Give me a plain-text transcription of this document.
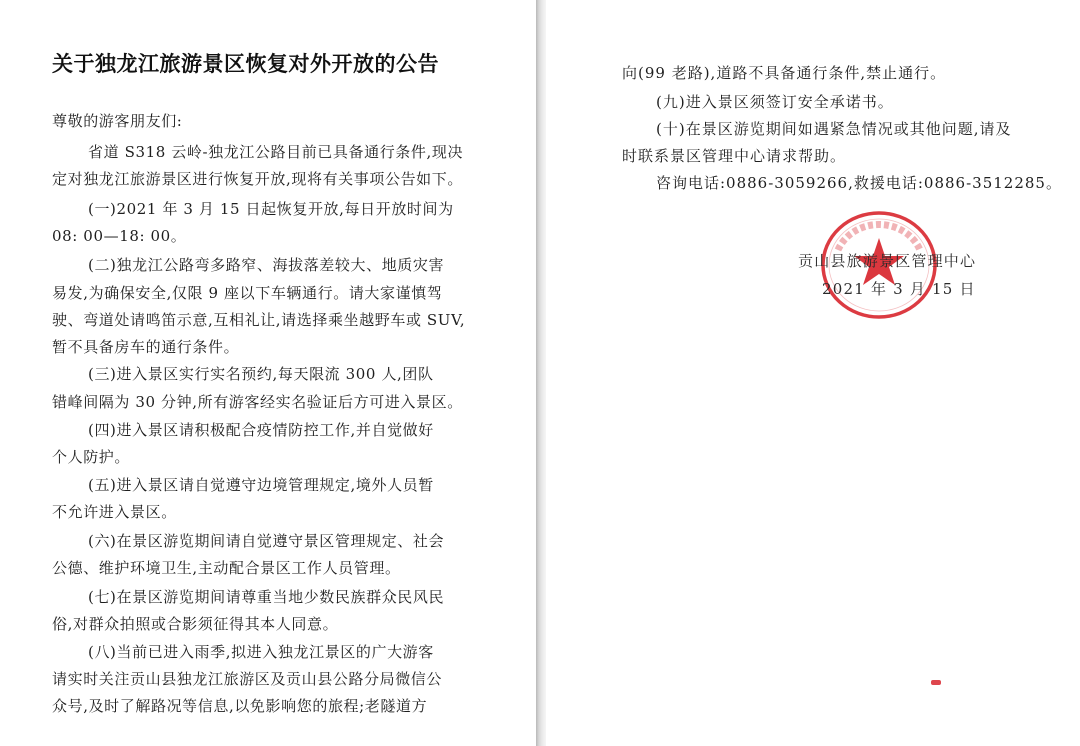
关于独龙江旅游景区恢复对外开放的公告
尊敬的游客朋友们:
省道 S318 云岭-独龙江公路目前已具备通行条件,现决
定对独龙江旅游景区进行恢复开放,现将有关事项公告如下。
(一)2021 年 3 月 15 日起恢复开放,每日开放时间为
08: 00—18: 00。
(二)独龙江公路弯多路窄、海拔落差较大、地质灾害
易发,为确保安全,仅限 9 座以下车辆通行。请大家谨慎驾
驶、弯道处请鸣笛示意,互相礼让,请选择乘坐越野车或 SUV,
暂不具备房车的通行条件。
(三)进入景区实行实名预约,每天限流 300 人,团队
错峰间隔为 30 分钟,所有游客经实名验证后方可进入景区。
(四)进入景区请积极配合疫情防控工作,并自觉做好
个人防护。
(五)进入景区请自觉遵守边境管理规定,境外人员暂
不允许进入景区。
(六)在景区游览期间请自觉遵守景区管理规定、社会
公德、维护环境卫生,主动配合景区工作人员管理。
(七)在景区游览期间请尊重当地少数民族群众民风民
俗,对群众拍照或合影须征得其本人同意。
(八)当前已进入雨季,拟进入独龙江景区的广大游客
请实时关注贡山县独龙江旅游区及贡山县公路分局微信公
众号,及时了解路况等信息,以免影响您的旅程;老隧道方
向(99 老路),道路不具备通行条件,禁止通行。
(九)进入景区须签订安全承诺书。
(十)在景区游览期间如遇紧急情况或其他问题,请及
时联系景区管理中心请求帮助。
咨询电话:0886-3059266,救援电话:0886-3512285。
贡山县旅游景区管理中心
2021 年 3 月 15 日
